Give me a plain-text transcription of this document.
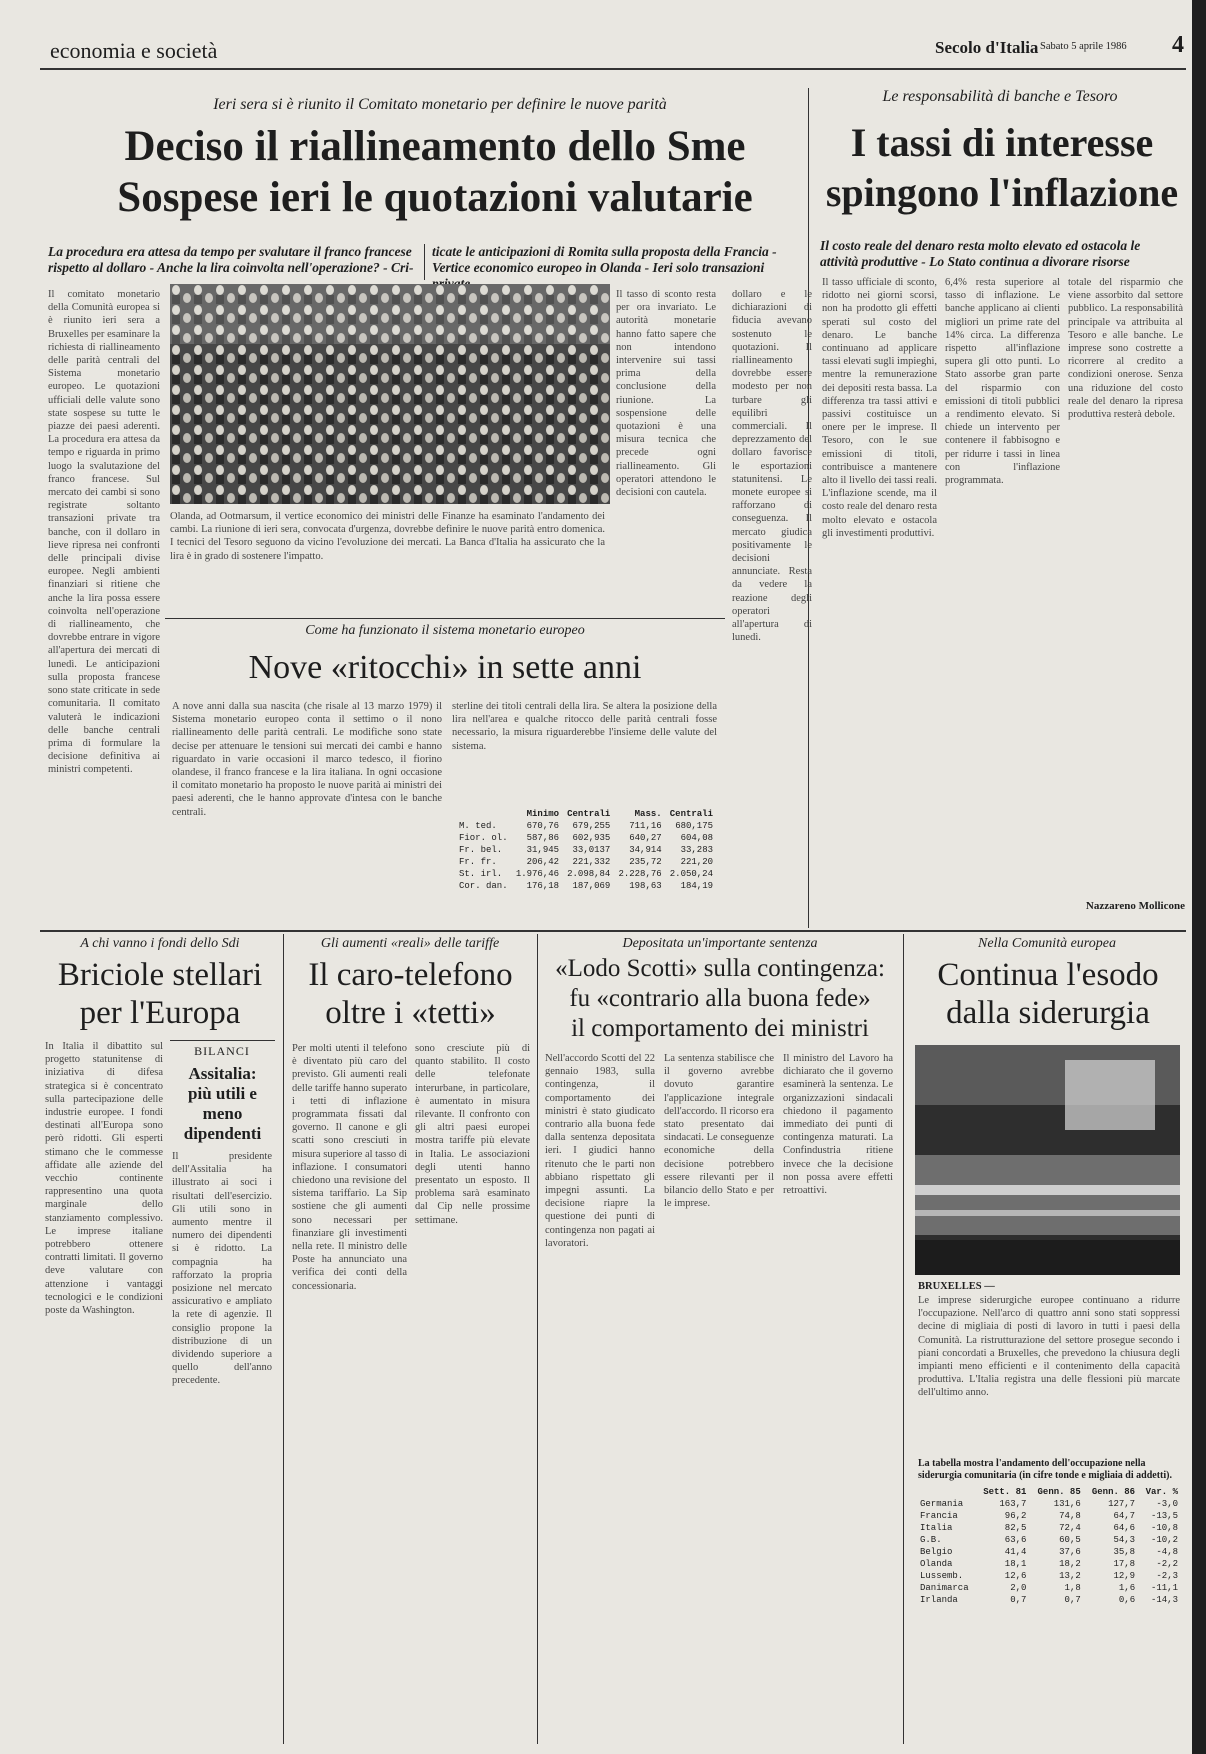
economia e società	Secolo d'Italia Sabato 5 aprile 1986 4
Ieri sera si è riunito il Comitato monetario per definire le nuove parità
Deciso il riallineamento dello Sme
Sospese ieri le quotazioni valutarie
La procedura era attesa da tempo per svalutare il franco francese rispetto al dollaro - Anche la lira coinvolta nell'operazione? - Cri-
ticate le anticipazioni di Romita sulla proposta della Francia - Vertice economico europeo in Olanda - Ieri solo transazioni
Il comitato monetario della Comunità europea si è riunito ieri sera a Bruxelles per esaminare la richiesta di riallineamento delle parità centrali del Sistema monetario europeo. Le quotazioni ufficiali delle valute sono state sospese su tutte le piazze dei paesi aderenti. La procedura era attesa da tempo e riguarda in primo luogo la svalutazione del franco francese. Sul mercato dei cambi si sono registrate soltanto transazioni private tra banche, con il dollaro in lieve ripresa nei confronti delle principali divise europee. Negli ambienti finanziari si ritiene che anche la lira possa essere coinvolta nell'operazione di riallineamento, che dovrebbe entrare in vigore all'apertura dei mercati di lunedì. Le anticipazioni sulla proposta francese sono state criticate in sede comunitaria. Il comitato valuterà le indicazioni delle banche centrali prima di formulare la decisione definitiva ai ministri competenti.
Olanda, ad Ootmarsum, il vertice economico dei ministri delle Finanze ha esaminato l'andamento dei cambi. La riunione di ieri sera, convocata d'urgenza, dovrebbe definire le nuove parità entro domenica. I tecnici del Tesoro seguono da vicino l'evoluzione dei mercati. La Banca d'Italia ha assicurato che la lira è in grado di sostenere l'impatto.
Il tasso di sconto resta per ora invariato. Le autorità monetarie hanno fatto sapere che non intendono intervenire sui tassi prima della conclusione della riunione. La sospensione delle quotazioni è una misura tecnica che precede ogni riallineamento. Gli operatori attendono le decisioni con cautela.
Come ha funzionato il sistema monetario europeo
Nove «ritocchi» in sette anni
A nove anni dalla sua nascita (che risale al 13 marzo 1979) il Sistema monetario europeo conta il settimo o il nono riallineamento delle parità centrali. Le modifiche sono state decise per attenuare le tensioni sui mercati dei cambi e hanno riguardato in varie occasioni il marco tedesco, il fiorino olandese, il franco francese e la lira italiana. In ogni occasione il comitato monetario ha proposto le nuove parità ai ministri dei paesi aderenti, che le hanno approvate d'intesa con le banche centrali.
sterline dei titoli centrali della lira. Se altera la posizione della lira nell'area e qualche ritocco delle parità centrali fosse necessario, la misura riguarderebbe l'insieme delle valute del sistema.
	Minimo	Centrali	Mass.	Centrali
M. ted.	670,76	679,255	711,16	680,175
Fior. ol.	587,86	602,935	640,27	604,08
Fr. bel.	31,945	33,0137	34,914	33,283
Fr. fr.	206,42	221,332	235,72	221,20
St. irl.	1.976,46	2.098,84	2.228,76	2.050,24
Cor. dan.	176,18	187,069	198,63	184,19
dollaro e le dichiarazioni di fiducia avevano sostenuto le quotazioni. Il riallineamento dovrebbe essere modesto per non turbare gli equilibri commerciali. Il deprezzamento del dollaro favorisce le esportazioni statunitensi. Le monete europee si rafforzano di conseguenza. Il mercato giudica positivamente le decisioni annunciate. Resta da vedere la reazione degli operatori all'apertura di lunedì.
Le responsabilità di banche e Tesoro
I tassi di interesse
spingono l'inflazione
Il costo reale del denaro resta molto elevato ed ostacola le attività produttive - Lo Stato continua a divorare risorse
Il tasso ufficiale di sconto, ridotto nei giorni scorsi, non ha prodotto gli effetti sperati sul costo del denaro. Le banche continuano ad applicare tassi elevati sugli impieghi, mentre la remunerazione dei depositi resta bassa. La differenza tra tassi attivi e passivi costituisce un onere per le imprese. Il Tesoro, con le sue emissioni di titoli, contribuisce a mantenere alto il livello dei tassi reali. L'inflazione scende, ma il costo reale del denaro resta molto elevato e ostacola gli investimenti produttivi.
6,4% resta superiore al tasso di inflazione. Le banche applicano ai clienti migliori un prime rate del 14% circa. La differenza rispetto all'inflazione supera gli otto punti. Lo Stato assorbe gran parte del risparmio con emissioni di titoli pubblici a rendimento elevato. Si chiede un intervento per contenere il fabbisogno e per ridurre i tassi in linea con l'inflazione programmata.
totale del risparmio che viene assorbito dal settore pubblico. La responsabilità principale va attribuita al Tesoro e alle banche. Le imprese sono costrette a ricorrere al credito a condizioni onerose. Senza una riduzione del costo reale del denaro la ripresa produttiva resterà debole.
Nazzareno Mollicone
A chi vanno i fondi dello Sdi
Briciole stellari
per l'Europa
In Italia il dibattito sul progetto statunitense di iniziativa di difesa strategica si è concentrato sulla partecipazione delle industrie europee. I fondi destinati all'Europa sono però ridotti. Gli esperti stimano che le commesse affidate alle aziende del vecchio continente rappresentino una quota marginale dello stanziamento complessivo. Le imprese italiane potrebbero ottenere contratti limitati. Il governo deve valutare con attenzione i vantaggi tecnologici e le condizioni poste da Washington.
BILANCI
Assitalia: più utili e meno dipendenti
Il presidente dell'Assitalia ha illustrato ai soci i risultati dell'esercizio. Gli utili sono in aumento mentre il numero dei dipendenti si è ridotto. La compagnia ha rafforzato la propria posizione nel mercato assicurativo e ampliato la rete di agenzie. Il consiglio propone la distribuzione di un dividendo superiore a quello dell'anno precedente.
Gli aumenti «reali» delle tariffe
Il caro-telefono
oltre i «tetti»
Per molti utenti il telefono è diventato più caro del previsto. Gli aumenti reali delle tariffe hanno superato i tetti di inflazione programmata fissati dal governo. Il canone e gli scatti sono cresciuti in misura superiore al tasso di inflazione. I consumatori chiedono una revisione del sistema tariffario. La Sip sostiene che gli aumenti sono necessari per finanziare gli investimenti nella rete. Il ministro delle Poste ha annunciato una verifica dei conti della concessionaria.
sono cresciute più di quanto stabilito. Il costo delle telefonate interurbane, in particolare, è aumentato in misura rilevante. Il confronto con gli altri paesi europei mostra tariffe più elevate in Italia. Le associazioni degli utenti hanno presentato un esposto. Il problema sarà esaminato dal Cip nelle prossime settimane.
Depositata un'importante sentenza
«Lodo Scotti» sulla contingenza:
fu «contrario alla buona fede»
il comportamento dei ministri
Nell'accordo Scotti del 22 gennaio 1983, sulla contingenza, il comportamento dei ministri è stato giudicato contrario alla buona fede dalla sentenza depositata ieri. I giudici hanno ritenuto che le parti non abbiano rispettato gli impegni assunti. La decisione riapre la questione dei punti di contingenza non pagati ai lavoratori.
La sentenza stabilisce che il governo avrebbe dovuto garantire l'applicazione integrale dell'accordo. Il ricorso era stato presentato dai sindacati. Le conseguenze economiche della decisione potrebbero essere rilevanti per il bilancio dello Stato e per le imprese.
Il ministro del Lavoro ha dichiarato che il governo esaminerà la sentenza. Le organizzazioni sindacali chiedono il pagamento immediato dei punti di contingenza maturati. La Confindustria ritiene invece che la decisione non possa avere effetti retroattivi.
Nella Comunità europea
Continua l'esodo
dalla siderurgia
BRUXELLES —
Le imprese siderurgiche europee continuano a ridurre l'occupazione. Nell'arco di quattro anni sono stati soppressi decine di migliaia di posti di lavoro in tutti i paesi della Comunità. La ristrutturazione del settore prosegue secondo i piani concordati a Bruxelles, che prevedono la chiusura degli impianti meno efficienti e il contenimento della capacità produttiva. L'Italia registra una delle flessioni più marcate dell'ultimo anno.
La tabella mostra l'andamento dell'occupazione nella siderurgia comunitaria (in cifre tonde e migliaia di addetti).
	Sett. 81	Genn. 85	Genn. 86	Var. %
Germania	163,7	131,6	127,7	-3,0
Francia	96,2	74,8	64,7	-13,5
Italia	82,5	72,4	64,6	-10,8
G.B.	63,6	60,5	54,3	-10,2
Belgio	41,4	37,6	35,8	-4,8
Olanda	18,1	18,2	17,8	-2,2
Lussemb.	12,6	13,2	12,9	-2,3
Danimarca	2,0	1,8	1,6	-11,1
Irlanda	0,7	0,7	0,6	-14,3
